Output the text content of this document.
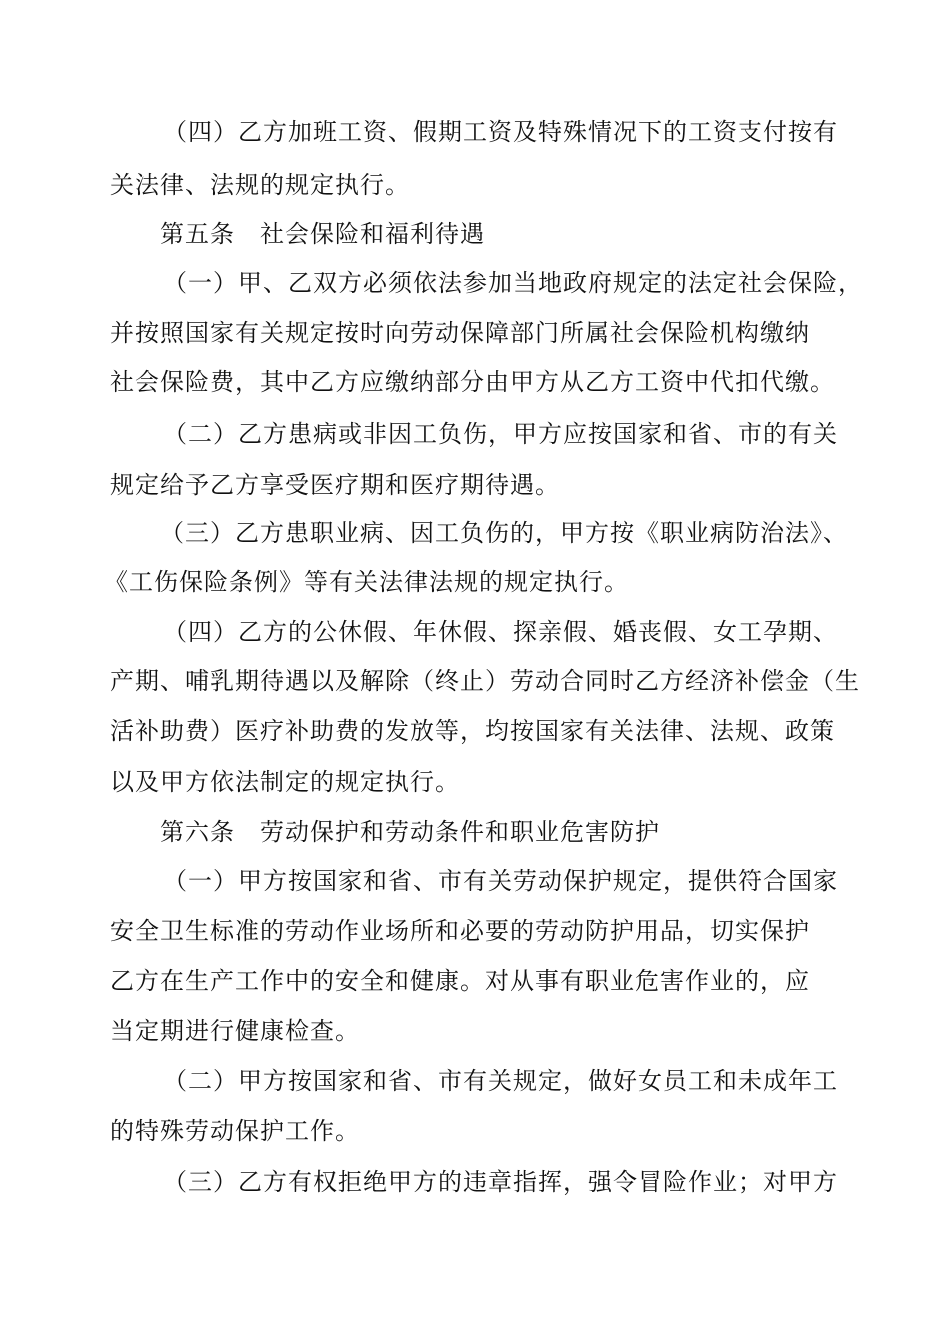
（四）乙方加班工资、假期工资及特殊情况下的工资支付按有
关法律、法规的规定执行。
第五条　社会保险和福利待遇
（一）甲、乙双方必须依法参加当地政府规定的法定社会保险，
并按照国家有关规定按时向劳动保障部门所属社会保险机构缴纳
社会保险费，其中乙方应缴纳部分由甲方从乙方工资中代扣代缴。
（二）乙方患病或非因工负伤，甲方应按国家和省、市的有关
规定给予乙方享受医疗期和医疗期待遇。
（三）乙方患职业病、因工负伤的，甲方按《职业病防治法》、
《工伤保险条例》等有关法律法规的规定执行。
（四）乙方的公休假、年休假、探亲假、婚丧假、女工孕期、
产期、哺乳期待遇以及解除（终止）劳动合同时乙方经济补偿金（生
活补助费）医疗补助费的发放等，均按国家有关法律、法规、政策
以及甲方依法制定的规定执行。
第六条　劳动保护和劳动条件和职业危害防护
（一）甲方按国家和省、市有关劳动保护规定，提供符合国家
安全卫生标准的劳动作业场所和必要的劳动防护用品，切实保护
乙方在生产工作中的安全和健康。对从事有职业危害作业的，应
当定期进行健康检查。
（二）甲方按国家和省、市有关规定，做好女员工和未成年工
的特殊劳动保护工作。
（三）乙方有权拒绝甲方的违章指挥，强令冒险作业；对甲方
